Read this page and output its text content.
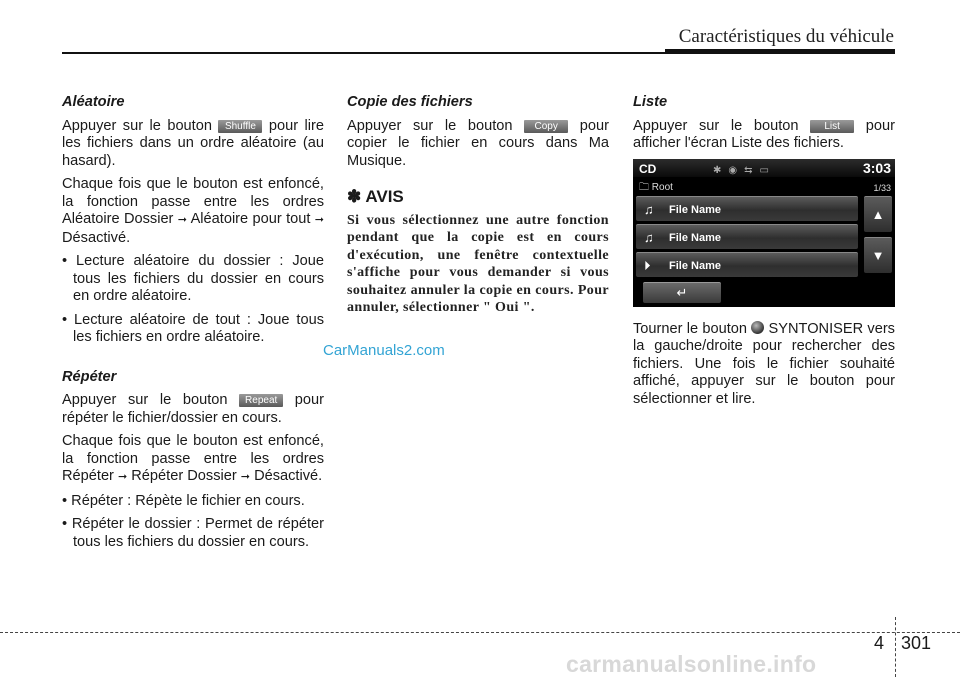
Caractéristiques du véhicule
Aléatoire

Appuyer sur le bouton Shuffle pour lire les fichiers dans un ordre aléatoire (au hasard).

Chaque fois que le bouton est enfoncé, la fonction passe entre les ordres Aléatoire Dossier ➞ Aléatoire pour tout ➞ Désactivé.

• Lecture aléatoire du dossier : Joue tous les fichiers du dossier en cours en ordre aléatoire.

• Lecture aléatoire de tout : Joue tous les fichiers en ordre aléatoire.

Répéter

Appuyer sur le bouton Repeat pour répéter le fichier/dossier en cours.

Chaque fois que le bouton est enfoncé, la fonction passe entre les ordres Répéter ➞ Répéter Dossier ➞ Désactivé.

• Répéter : Répète le fichier en cours.

• Répéter le dossier : Permet de répéter tous les fichiers du dossier en cours.

Copie des fichiers

Appuyer sur le bouton Copy pour copier le fichier en cours dans Ma Musique.

✽ AVIS
Si vous sélectionnez une autre fonction pendant que la copie est en cours d'exécution, une fenêtre contextuelle s'affiche pour vous demander si vous souhaitez annuler la copie en cours. Pour annuler, sélectionner " Oui ".
Liste

Appuyer sur le bouton	List pour afficher l'écran Liste des fichiers.

CD	✱◉⇆▭	3:03
🗀 Root	1/33
♫ File Name
♫ File Name
⏵ File Name
▲
▼
↵

Tourner le bouton SYNTONISER vers la gauche/droite pour rechercher des fichiers. Une fois le fichier souhaité affiché, appuyer sur le bouton pour sélectionner et lire.

CarManuals2.com
4 301
carmanualsonline.info
